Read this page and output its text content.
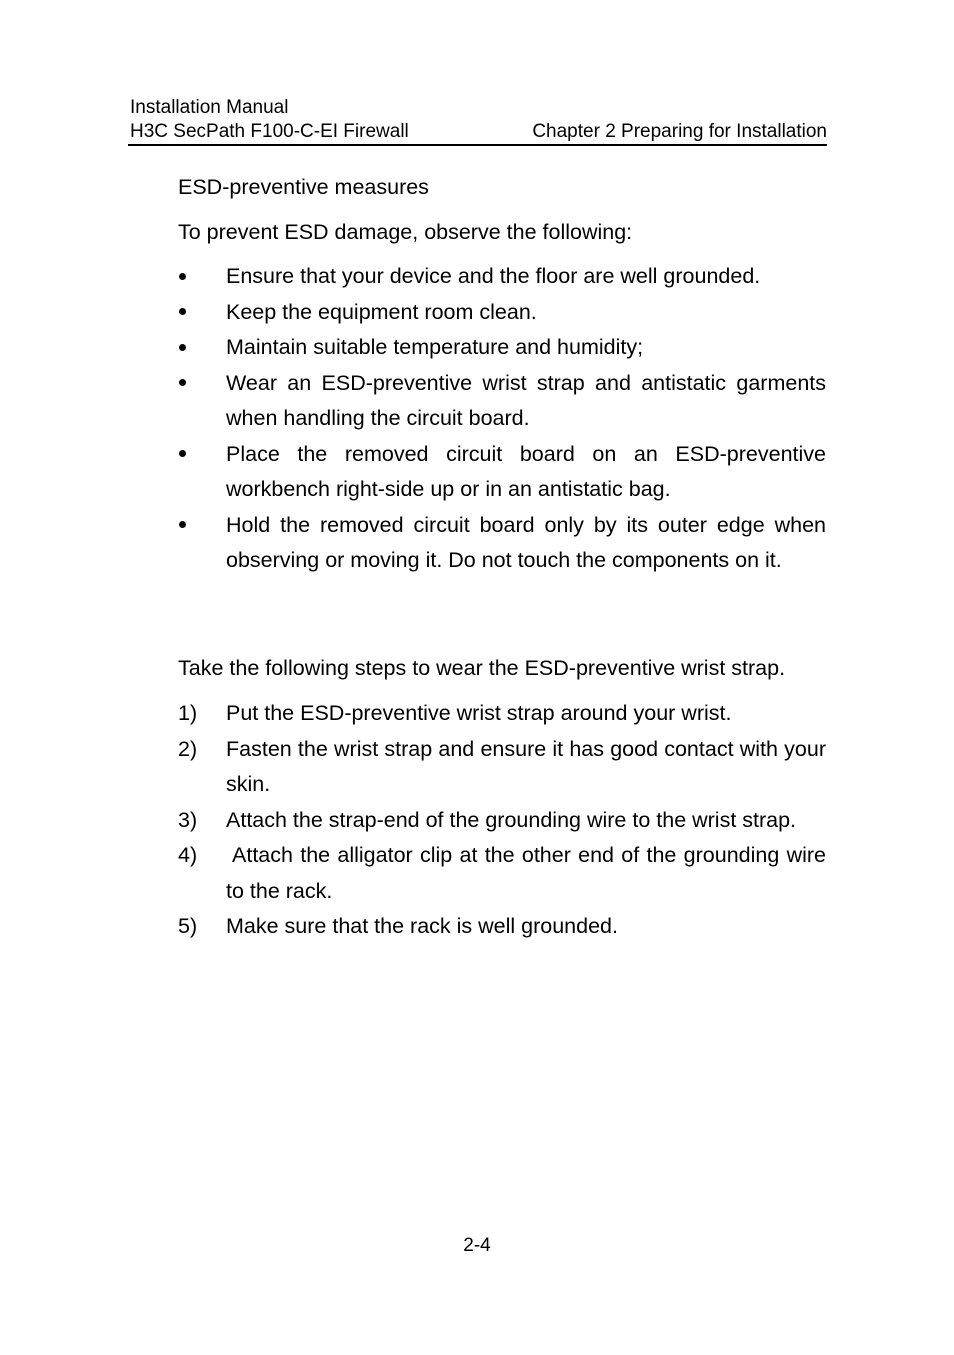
Installation Manual
H3C SecPath F100-C-EI Firewall	Chapter 2 Preparing for Installation
ESD-preventive measures
To prevent ESD damage, observe the following:
Ensure that your device and the floor are well grounded.
Keep the equipment room clean.
Maintain suitable temperature and humidity;
Wear an ESD-preventive wrist strap and antistatic garments when handling the circuit board.
Place the removed circuit board on an ESD-preventive workbench right-side up or in an antistatic bag.
Hold the removed circuit board only by its outer edge when observing or moving it. Do not touch the components on it.
Take the following steps to wear the ESD-preventive wrist strap.
1)	Put the ESD-preventive wrist strap around your wrist.
2)	Fasten the wrist strap and ensure it has good contact with your skin.
3)	Attach the strap-end of the grounding wire to the wrist strap.
4)	Attach the alligator clip at the other end of the grounding wire to the rack.
5)	Make sure that the rack is well grounded.
2-4
